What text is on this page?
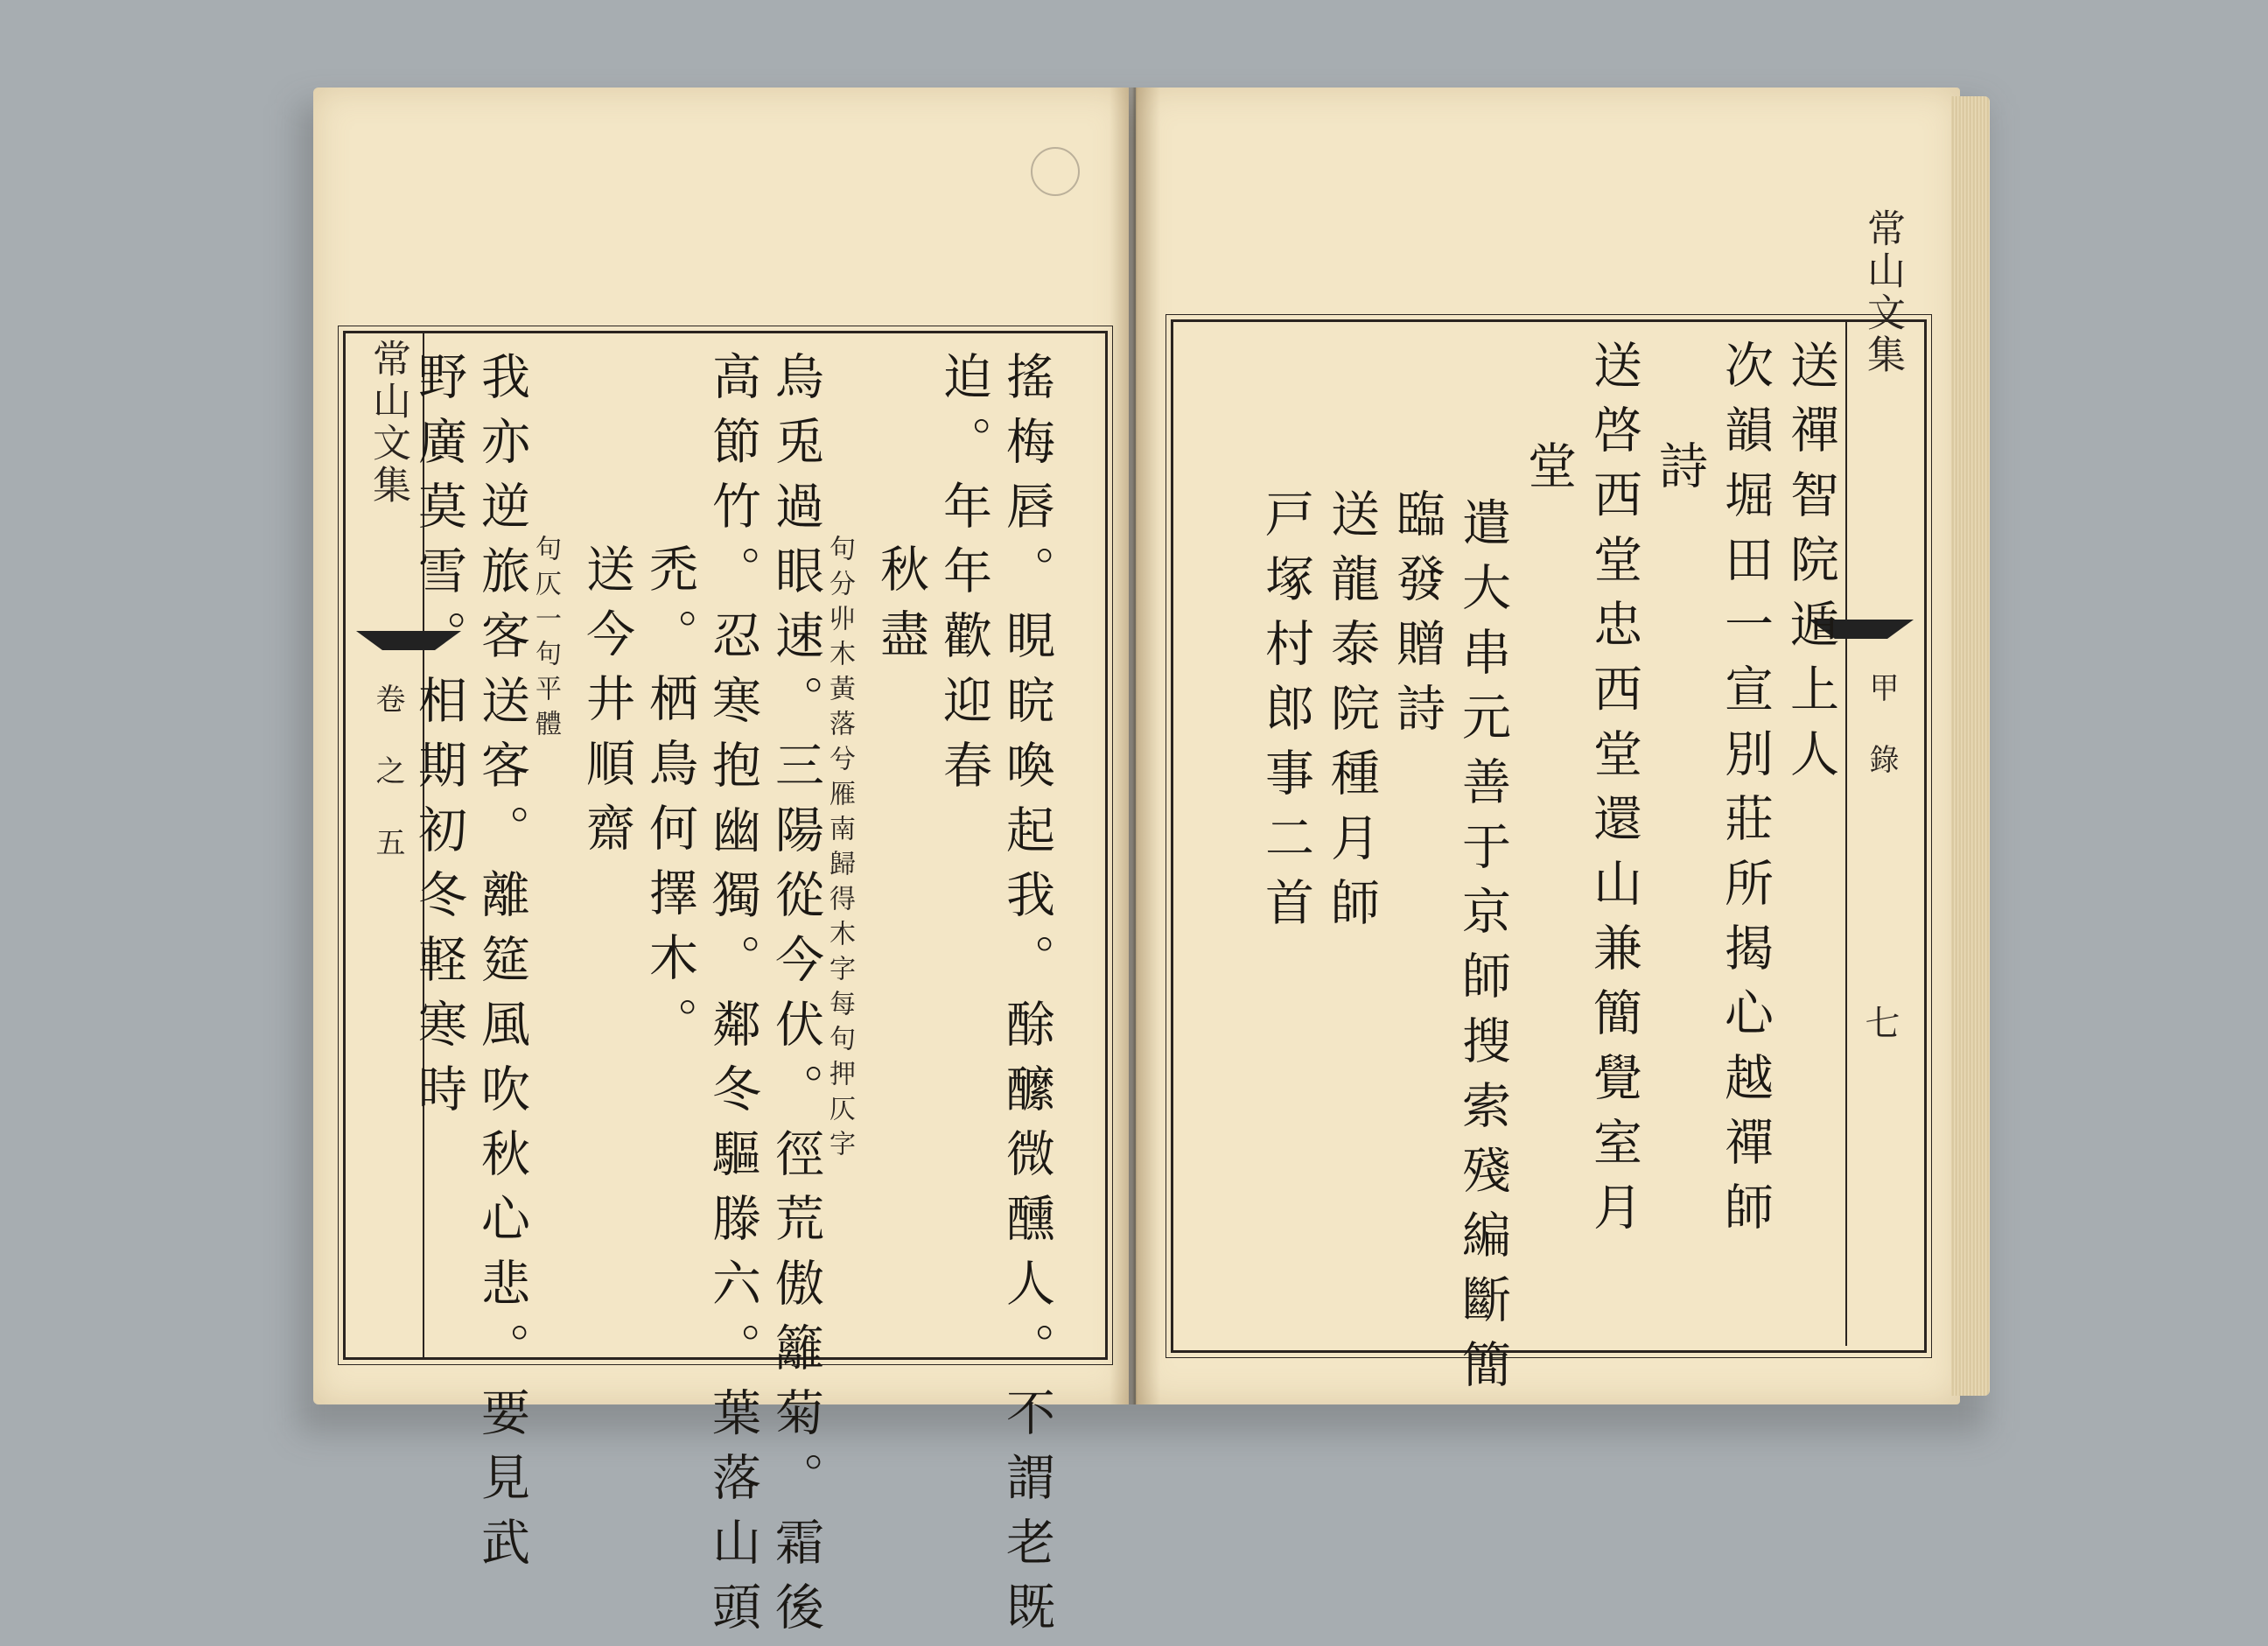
常山文集
卷 之 五	搖梅唇。睍睆喚起我。酴醿微醺人。不謂老既
迫。年年歡迎春
秋盡
句分丱木黃落兮雁南歸得木字每句押仄字
烏兎過眼速。三陽從今伏。徑荒傲籬菊。霜後
高節竹。忍寒抱幽獨。鄰冬驅滕六。葉落山頭
禿。栖鳥何擇木。
送今井順齋
句仄一句平體
我亦逆旅客送客。離筵風吹秋心悲。要見武
野廣莫雪。相期初冬軽寒時
常山文集
甲 錄
七
送禪智院遁上人
次韻堀田一宣別莊所揭心越禪師
詩
送啓西堂忠西堂還山兼簡覺室月
堂
遣大串元善于京師搜索殘編斷簡
臨發贈詩
送龍泰院種月師
戸塚村郎事二首
